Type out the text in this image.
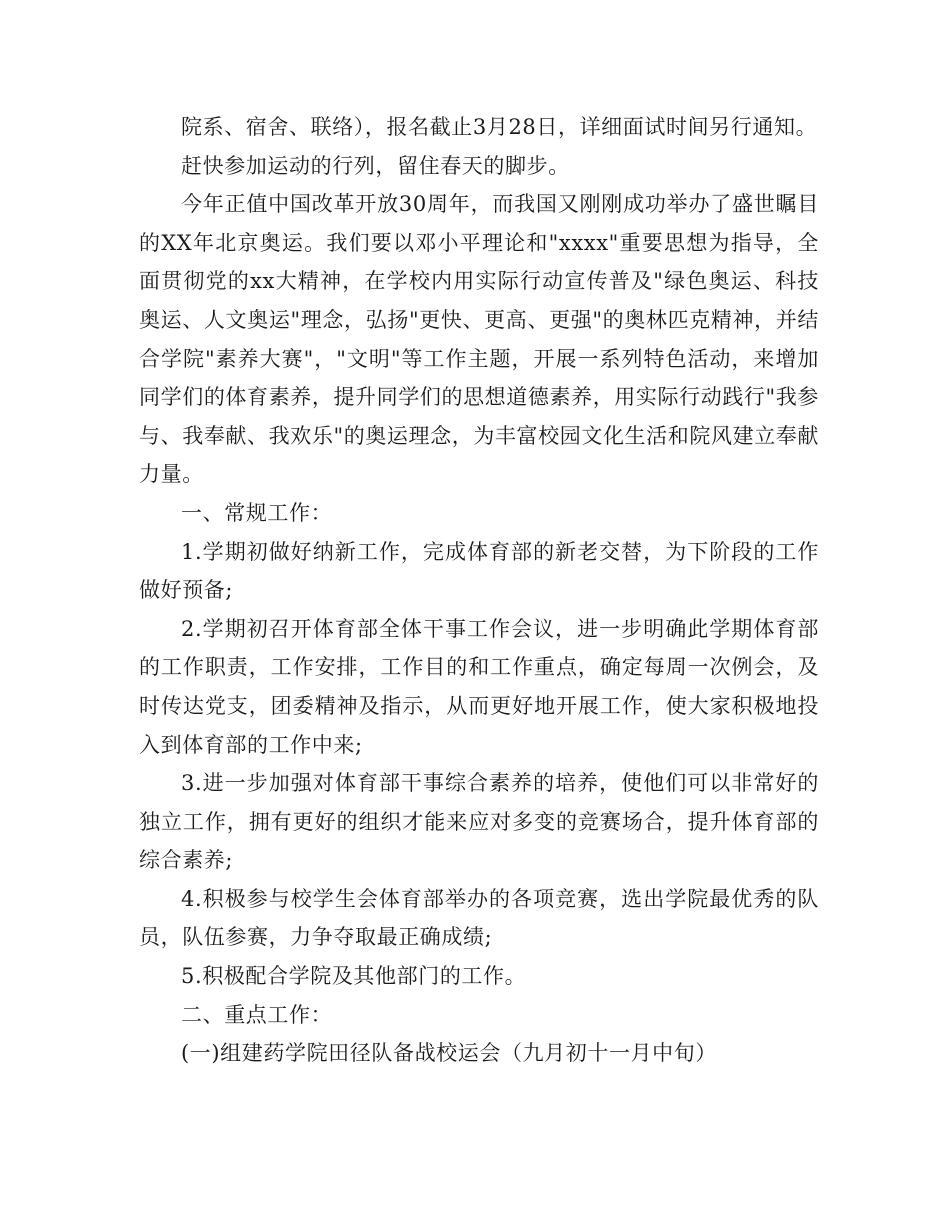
院系、宿舍、联络），报名截止3月28日，详细面试时间另行通知。

赶快参加运动的行列，留住春天的脚步。

今年正值中国改革开放30周年，而我国又刚刚成功举办了盛世瞩目的XX年北京奥运。我们要以邓小平理论和"xxxx"重要思想为指导，全面贯彻党的xx大精神，在学校内用实际行动宣传普及"绿色奥运、科技奥运、人文奥运"理念，弘扬"更快、更高、更强"的奥林匹克精神，并结合学院"素养大赛"，"文明"等工作主题，开展一系列特色活动，来增加同学们的体育素养，提升同学们的思想道德素养，用实际行动践行"我参与、我奉献、我欢乐"的奥运理念，为丰富校园文化生活和院风建立奉献力量。

一、常规工作：

1.学期初做好纳新工作，完成体育部的新老交替，为下阶段的工作做好预备;

2.学期初召开体育部全体干事工作会议，进一步明确此学期体育部的工作职责，工作安排，工作目的和工作重点，确定每周一次例会，及时传达党支，团委精神及指示，从而更好地开展工作，使大家积极地投入到体育部的工作中来;

3.进一步加强对体育部干事综合素养的培养，使他们可以非常好的独立工作，拥有更好的组织才能来应对多变的竞赛场合，提升体育部的综合素养;

4.积极参与校学生会体育部举办的各项竞赛，选出学院最优秀的队员，队伍参赛，力争夺取最正确成绩;

5.积极配合学院及其他部门的工作。

二、重点工作：

(一)组建药学院田径队备战校运会（九月初十一月中旬）
